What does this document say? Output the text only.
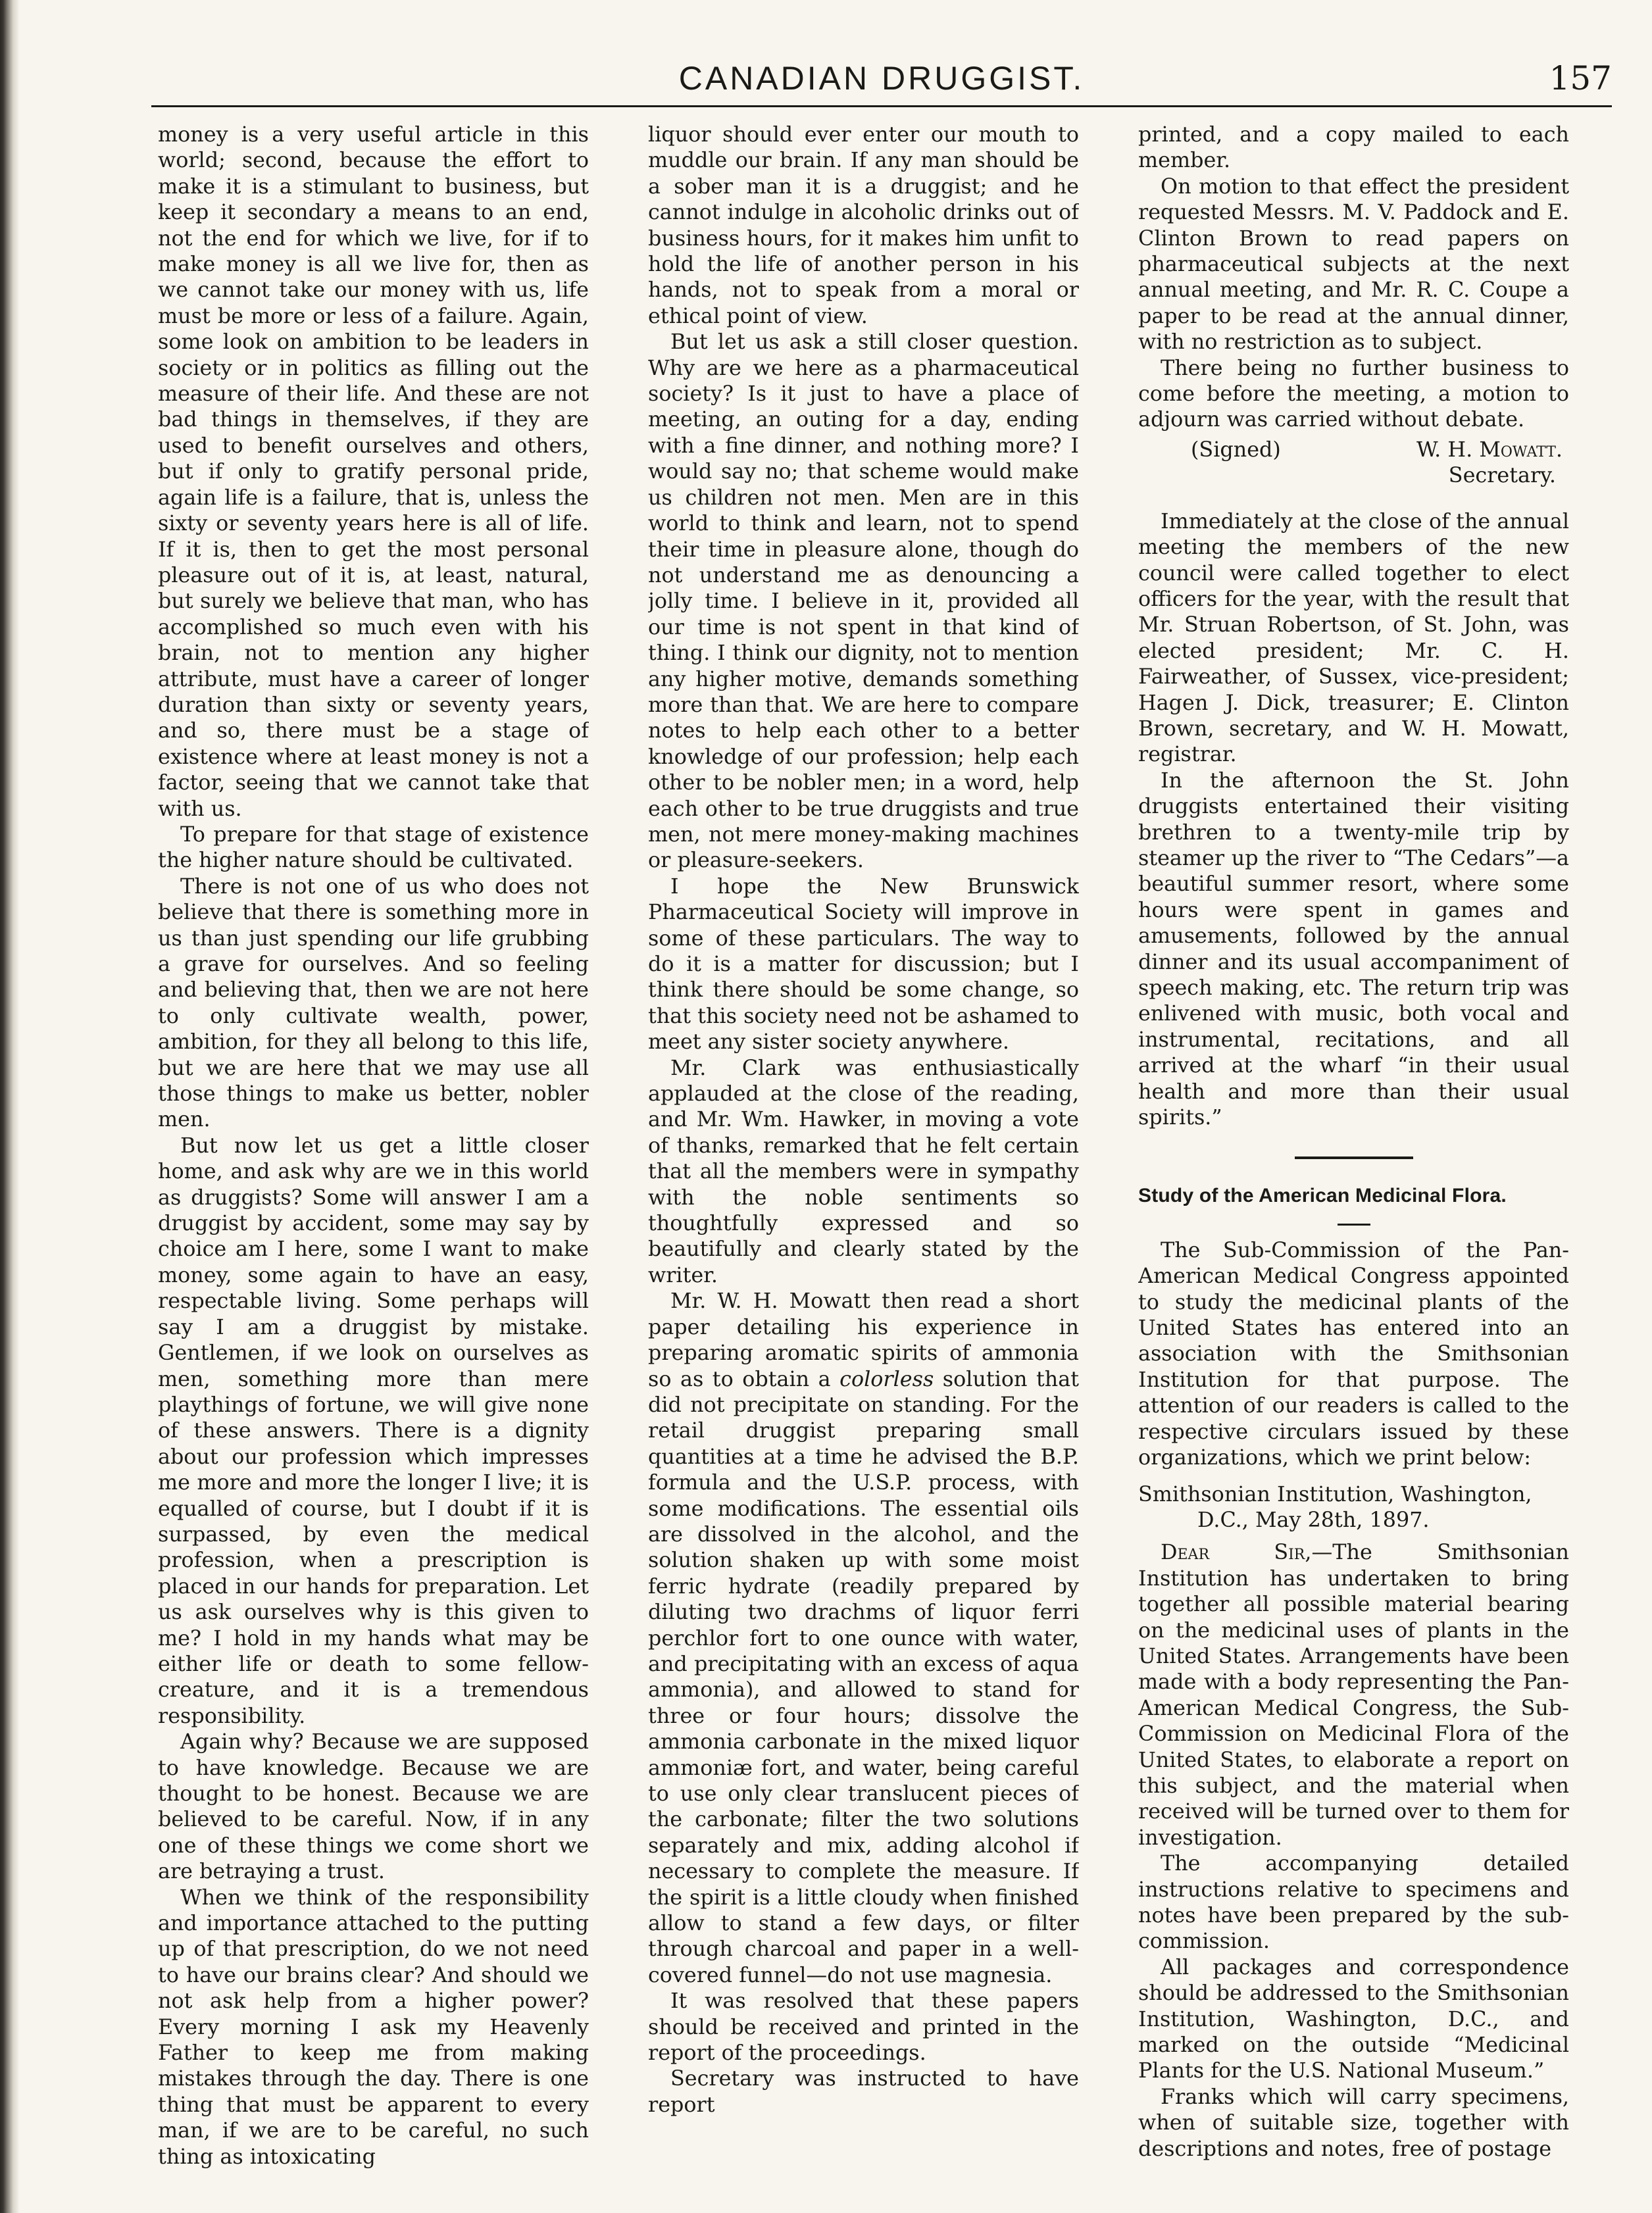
CANADIAN DRUGGIST.	157

money is a very useful article in this world; second, because the effort to make it is a stimulant to business, but keep it secondary a means to an end, not the end for which we live, for if to make money is all we live for, then as we cannot take our money with us, life must be more or less of a failure. Again, some look on ambition to be leaders in society or in politics as filling out the measure of their life. And these are not bad things in themselves, if they are used to benefit ourselves and others, but if only to gratify personal pride, again life is a failure, that is, unless the sixty or seventy years here is all of life. If it is, then to get the most personal pleasure out of it is, at least, natural, but surely we believe that man, who has accomplished so much even with his brain, not to mention any higher attribute, must have a career of longer duration than sixty or seventy years, and so, there must be a stage of existence where at least money is not a factor, seeing that we cannot take that with us.

To prepare for that stage of existence the higher nature should be cultivated.

There is not one of us who does not believe that there is something more in us than just spending our life grubbing a grave for ourselves. And so feeling and believing that, then we are not here to only cultivate wealth, power, ambition, for they all belong to this life, but we are here that we may use all those things to make us better, nobler men.

But now let us get a little closer home, and ask why are we in this world as druggists? Some will answer I am a druggist by accident, some may say by choice am I here, some I want to make money, some again to have an easy, respectable living. Some perhaps will say I am a druggist by mistake. Gentlemen, if we look on ourselves as men, something more than mere playthings of fortune, we will give none of these answers. There is a dignity about our profession which impresses me more and more the longer I live; it is equalled of course, but I doubt if it is surpassed, by even the medical profession, when a prescription is placed in our hands for preparation. Let us ask ourselves why is this given to me? I hold in my hands what may be either life or death to some fellow-creature, and it is a tremendous responsibility.

Again why? Because we are supposed to have knowledge. Because we are thought to be honest. Because we are believed to be careful. Now, if in any one of these things we come short we are betraying a trust.

When we think of the responsibility and importance attached to the putting up of that prescription, do we not need to have our brains clear? And should we not ask help from a higher power? Every morning I ask my Heavenly Father to keep me from making mistakes through the day. There is one thing that must be apparent to every man, if we are to be careful, no such thing as intoxicating

liquor should ever enter our mouth to muddle our brain. If any man should be a sober man it is a druggist; and he cannot indulge in alcoholic drinks out of business hours, for it makes him unfit to hold the life of another person in his hands, not to speak from a moral or ethical point of view.

But let us ask a still closer question. Why are we here as a pharmaceutical society? Is it just to have a place of meeting, an outing for a day, ending with a fine dinner, and nothing more? I would say no; that scheme would make us children not men. Men are in this world to think and learn, not to spend their time in pleasure alone, though do not understand me as denouncing a jolly time. I believe in it, provided all our time is not spent in that kind of thing. I think our dignity, not to mention any higher motive, demands something more than that. We are here to compare notes to help each other to a better knowledge of our profession; help each other to be nobler men; in a word, help each other to be true druggists and true men, not mere money-making machines or pleasure-seekers.

I hope the New Brunswick Pharmaceutical Society will improve in some of these particulars. The way to do it is a matter for discussion; but I think there should be some change, so that this society need not be ashamed to meet any sister society anywhere.

Mr. Clark was enthusiastically applauded at the close of the reading, and Mr. Wm. Hawker, in moving a vote of thanks, remarked that he felt certain that all the members were in sympathy with the noble sentiments so thoughtfully expressed and so beautifully and clearly stated by the writer.

Mr. W. H. Mowatt then read a short paper detailing his experience in preparing aromatic spirits of ammonia so as to obtain a colorless solution that did not precipitate on standing. For the retail druggist preparing small quantities at a time he advised the B.P. formula and the U.S.P. process, with some modifications. The essential oils are dissolved in the alcohol, and the solution shaken up with some moist ferric hydrate (readily prepared by diluting two drachms of liquor ferri perchlor fort to one ounce with water, and precipitating with an excess of aqua ammonia), and allowed to stand for three or four hours; dissolve the ammonia carbonate in the mixed liquor ammoniæ fort, and water, being careful to use only clear translucent pieces of the carbonate; filter the two solutions separately and mix, adding alcohol if necessary to complete the measure. If the spirit is a little cloudy when finished allow to stand a few days, or filter through charcoal and paper in a well-covered funnel—do not use magnesia.

It was resolved that these papers should be received and printed in the report of the proceedings.

Secretary was instructed to have report

printed, and a copy mailed to each member.

On motion to that effect the president requested Messrs. M. V. Paddock and E. Clinton Brown to read papers on pharmaceutical subjects at the next annual meeting, and Mr. R. C. Coupe a paper to be read at the annual dinner, with no restriction as to subject.

There being no further business to come before the meeting, a motion to adjourn was carried without debate.

(Signed)	W. H. Mowatt.
Secretary.

Immediately at the close of the annual meeting the members of the new council were called together to elect officers for the year, with the result that Mr. Struan Robertson, of St. John, was elected president; Mr. C. H. Fairweather, of Sussex, vice-president; Hagen J. Dick, treasurer; E. Clinton Brown, secretary, and W. H. Mowatt, registrar.

In the afternoon the St. John druggists entertained their visiting brethren to a twenty-mile trip by steamer up the river to “The Cedars”—a beautiful summer resort, where some hours were spent in games and amusements, followed by the annual dinner and its usual accompaniment of speech making, etc. The return trip was enlivened with music, both vocal and instrumental, recitations, and all arrived at the wharf “in their usual health and more than their usual spirits.”

Study of the American Medicinal Flora.

The Sub-Commission of the Pan-American Medical Congress appointed to study the medicinal plants of the United States has entered into an association with the Smithsonian Institution for that purpose. The attention of our readers is called to the respective circulars issued by these organizations, which we print below:

Smithsonian Institution, Washington,
D.C., May 28th, 1897.

Dear Sir,—The Smithsonian Institution has undertaken to bring together all possible material bearing on the medicinal uses of plants in the United States. Arrangements have been made with a body representing the Pan-American Medical Congress, the Sub-Commission on Medicinal Flora of the United States, to elaborate a report on this subject, and the material when received will be turned over to them for investigation.

The accompanying detailed instructions relative to specimens and notes have been prepared by the sub-commission.

All packages and correspondence should be addressed to the Smithsonian Institution, Washington, D.C., and marked on the outside “Medicinal Plants for the U.S. National Museum.”

Franks which will carry specimens, when of suitable size, together with descriptions and notes, free of postage
